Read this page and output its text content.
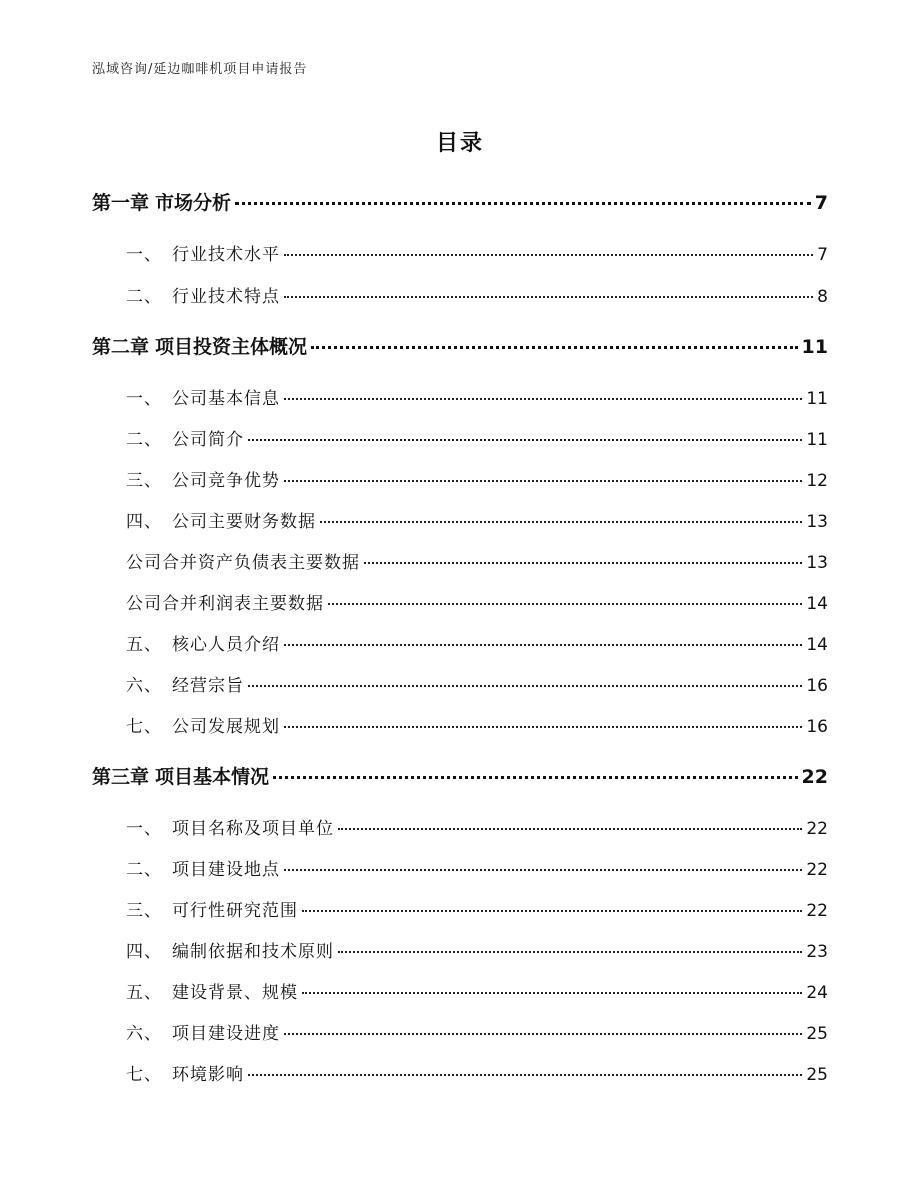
泓域咨询/延边咖啡机项目申请报告
目录
第一章 市场分析	7
一、 行业技术水平	7
二、 行业技术特点	8
第二章 项目投资主体概况	11
一、 公司基本信息	11
二、 公司简介	11
三、 公司竞争优势	12
四、 公司主要财务数据	13
公司合并资产负债表主要数据	13
公司合并利润表主要数据	14
五、 核心人员介绍	14
六、 经营宗旨	16
七、 公司发展规划	16
第三章 项目基本情况	22
一、 项目名称及项目单位	22
二、 项目建设地点	22
三、 可行性研究范围	22
四、 编制依据和技术原则	23
五、 建设背景、规模	24
六、 项目建设进度	25
七、 环境影响	25
